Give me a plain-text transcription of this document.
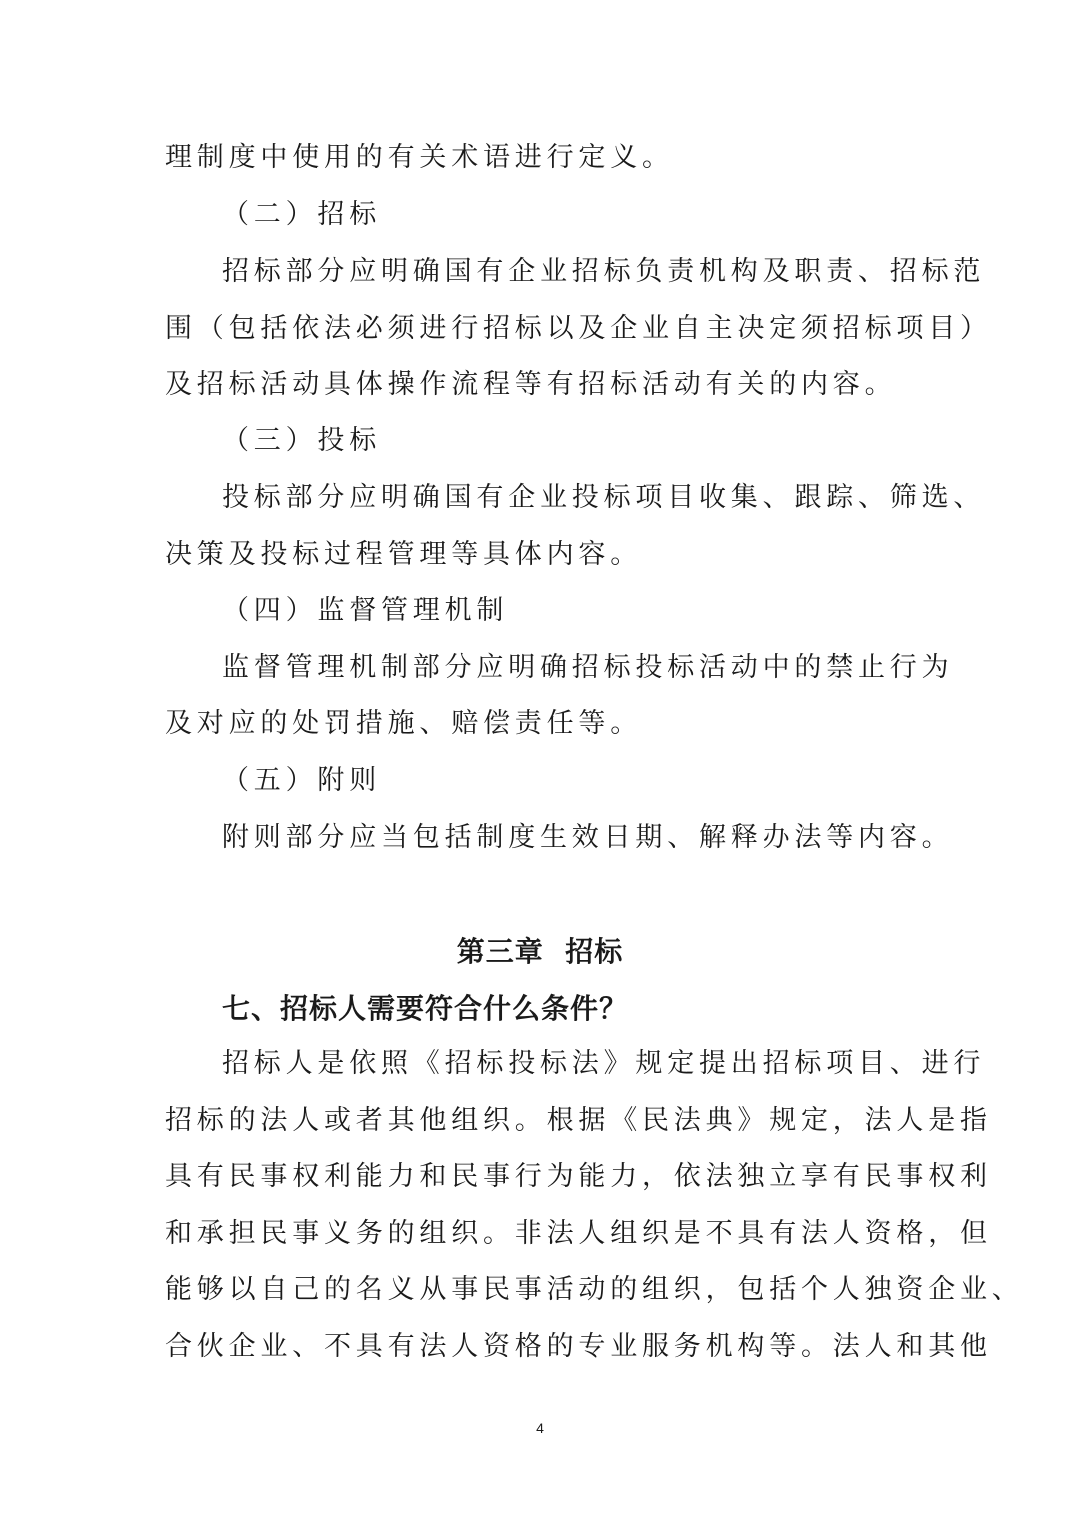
理制度中使用的有关术语进行定义。
（二）招标
招标部分应明确国有企业招标负责机构及职责、招标范
围（包括依法必须进行招标以及企业自主决定须招标项目）
及招标活动具体操作流程等有招标活动有关的内容。
（三）投标
投标部分应明确国有企业投标项目收集、跟踪、筛选、
决策及投标过程管理等具体内容。
（四）监督管理机制
监督管理机制部分应明确招标投标活动中的禁止行为
及对应的处罚措施、赔偿责任等。
（五）附则
附则部分应当包括制度生效日期、解释办法等内容。
第三章  招标
七、招标人需要符合什么条件？
招标人是依照《招标投标法》规定提出招标项目、进行
招标的法人或者其他组织。根据《民法典》规定，法人是指
具有民事权利能力和民事行为能力，依法独立享有民事权利
和承担民事义务的组织。非法人组织是不具有法人资格，但
能够以自己的名义从事民事活动的组织，包括个人独资企业、
合伙企业、不具有法人资格的专业服务机构等。法人和其他
4
